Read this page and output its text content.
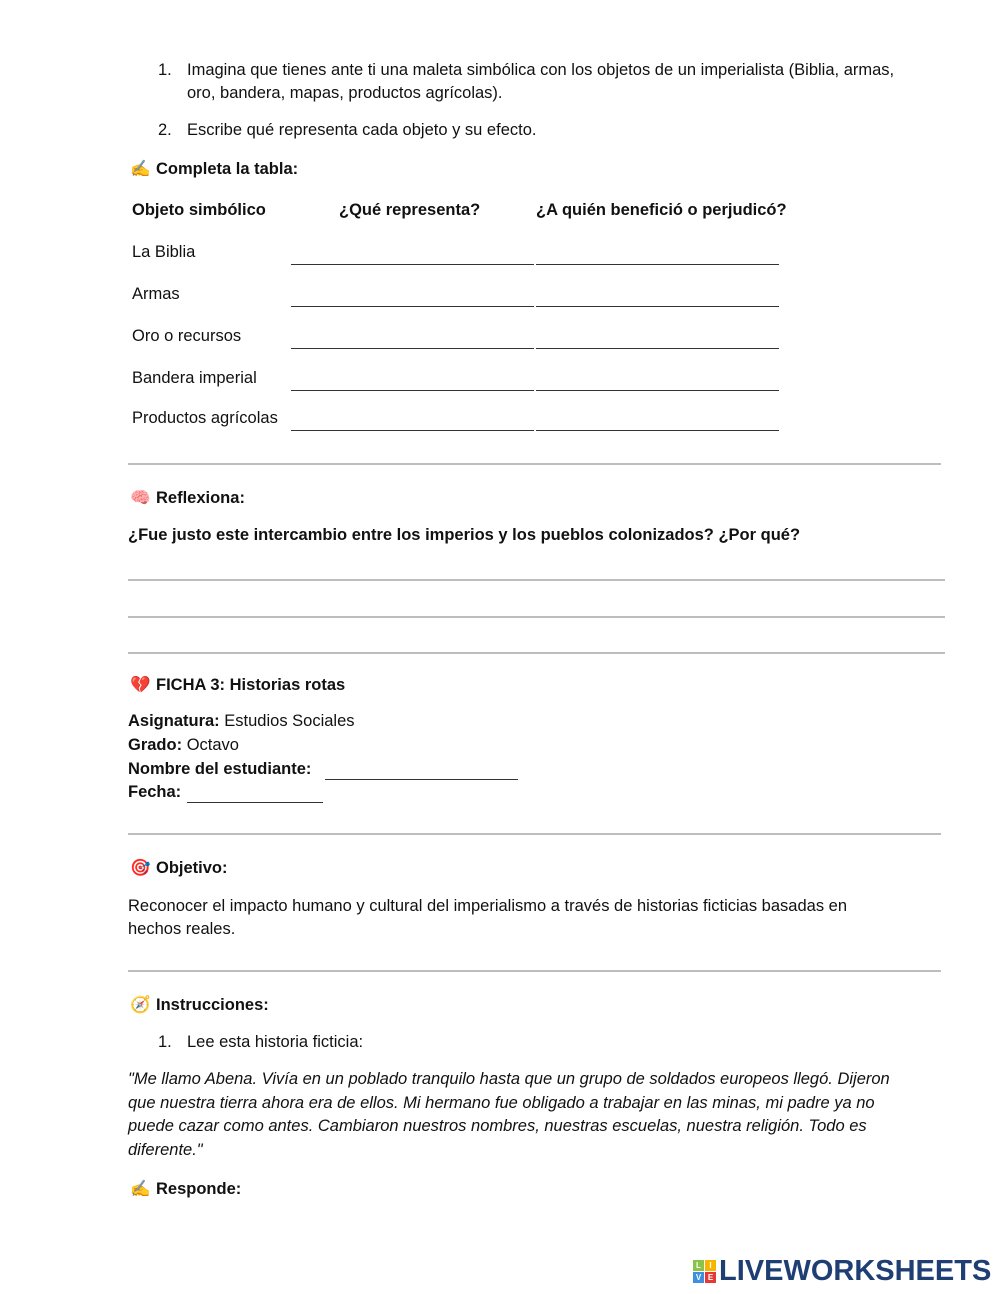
1. Imagina que tienes ante ti una maleta simbólica con los objetos de un imperialista (Biblia, armas,
oro, bandera, mapas, productos agrícolas).
2. Escribe qué representa cada objeto y su efecto.
✍️ Completa la tabla:
Objeto simbólico	¿Qué representa?	¿A quién benefició o perjudicó?
La Biblia
Armas
Oro o recursos
Bandera imperial
Productos agrícolas
🧠 Reflexiona:
¿Fue justo este intercambio entre los imperios y los pueblos colonizados? ¿Por qué?
💔 FICHA 3: Historias rotas
Asignatura: Estudios Sociales
Grado: Octavo
Nombre del estudiante:
Fecha:
🎯 Objetivo:
Reconocer el impacto humano y cultural del imperialismo a través de historias ficticias basadas en
hechos reales.
🧭 Instrucciones:
1. Lee esta historia ficticia:
"Me llamo Abena. Vivía en un poblado tranquilo hasta que un grupo de soldados europeos llegó. Dijeron
que nuestra tierra ahora era de ellos. Mi hermano fue obligado a trabajar en las minas, mi padre ya no
puede cazar como antes. Cambiaron nuestros nombres, nuestras escuelas, nuestra religión. Todo es
diferente."
✍️ Responde:
L	I
V E LIVEWORKSHEETS
